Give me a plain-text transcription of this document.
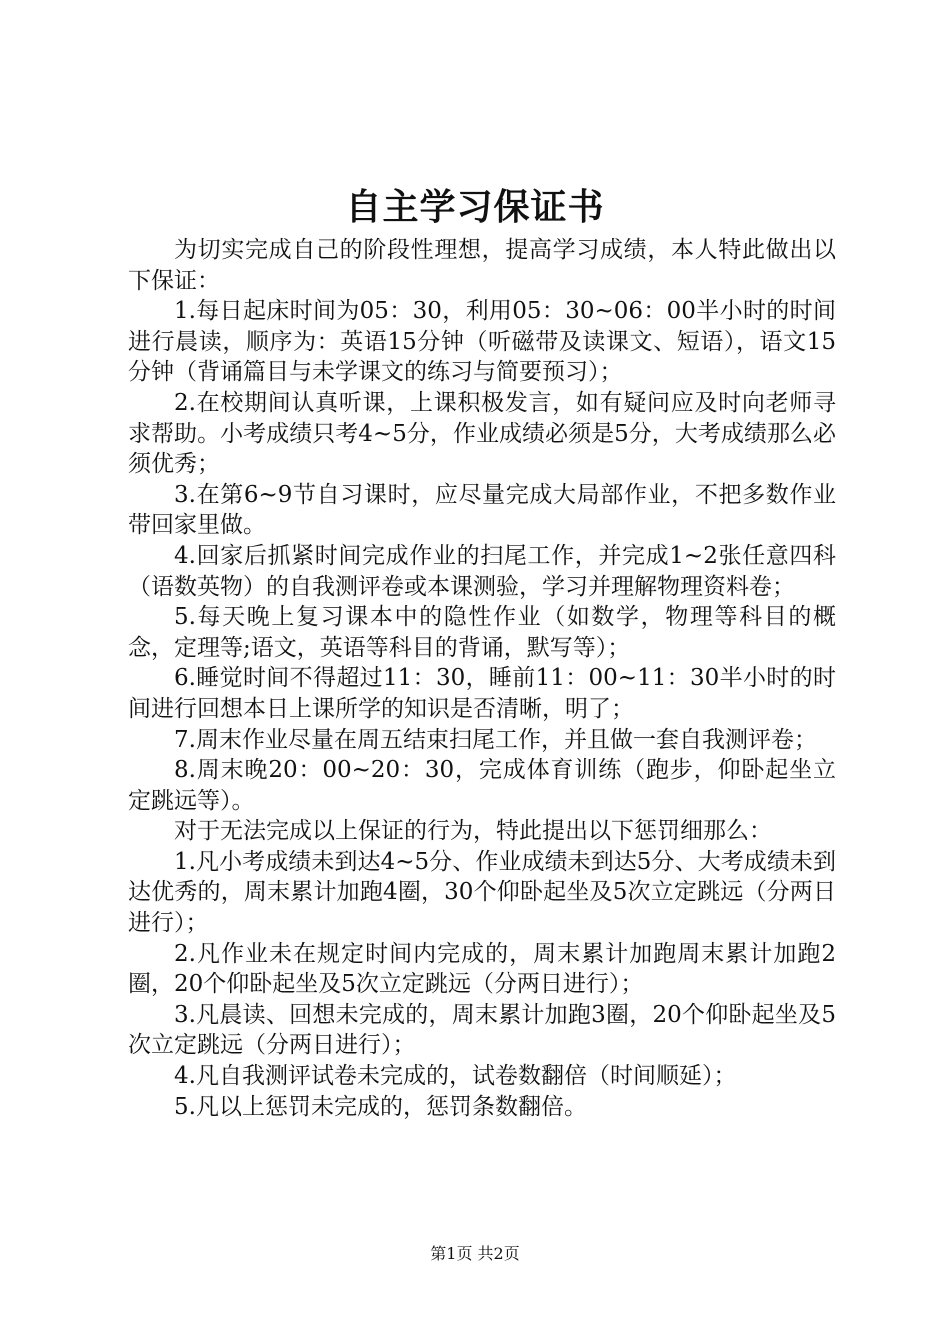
自主学习保证书

为切实完成自己的阶段性理想，提高学习成绩，本人特此做出以下保证：

1.每日起床时间为05：30，利用05：30~06：00半小时的时间进行晨读，顺序为：英语15分钟（听磁带及读课文、短语），语文15分钟（背诵篇目与未学课文的练习与简要预习）；

2.在校期间认真听课，上课积极发言，如有疑问应及时向老师寻求帮助。小考成绩只考4~5分，作业成绩必须是5分，大考成绩那么必须优秀；

3.在第6~9节自习课时，应尽量完成大局部作业，不把多数作业带回家里做。

4.回家后抓紧时间完成作业的扫尾工作，并完成1~2张任意四科（语数英物）的自我测评卷或本课测验，学习并理解物理资料卷；

5.每天晚上复习课本中的隐性作业（如数学，物理等科目的概念，定理等;语文，英语等科目的背诵，默写等）；

6.睡觉时间不得超过11：30，睡前11：00~11：30半小时的时间进行回想本日上课所学的知识是否清晰，明了；

7.周末作业尽量在周五结束扫尾工作，并且做一套自我测评卷；

8.周末晚20：00~20：30，完成体育训练（跑步，仰卧起坐立定跳远等）。

对于无法完成以上保证的行为，特此提出以下惩罚细那么：

1.凡小考成绩未到达4~5分、作业成绩未到达5分、大考成绩未到达优秀的，周末累计加跑4圈，30个仰卧起坐及5次立定跳远（分两日进行）；

2.凡作业未在规定时间内完成的，周末累计加跑周末累计加跑2圈，20个仰卧起坐及5次立定跳远（分两日进行）；

3.凡晨读、回想未完成的，周末累计加跑3圈，20个仰卧起坐及5次立定跳远（分两日进行）；

4.凡自我测评试卷未完成的，试卷数翻倍（时间顺延）；

5.凡以上惩罚未完成的，惩罚条数翻倍。

第1页 共2页
